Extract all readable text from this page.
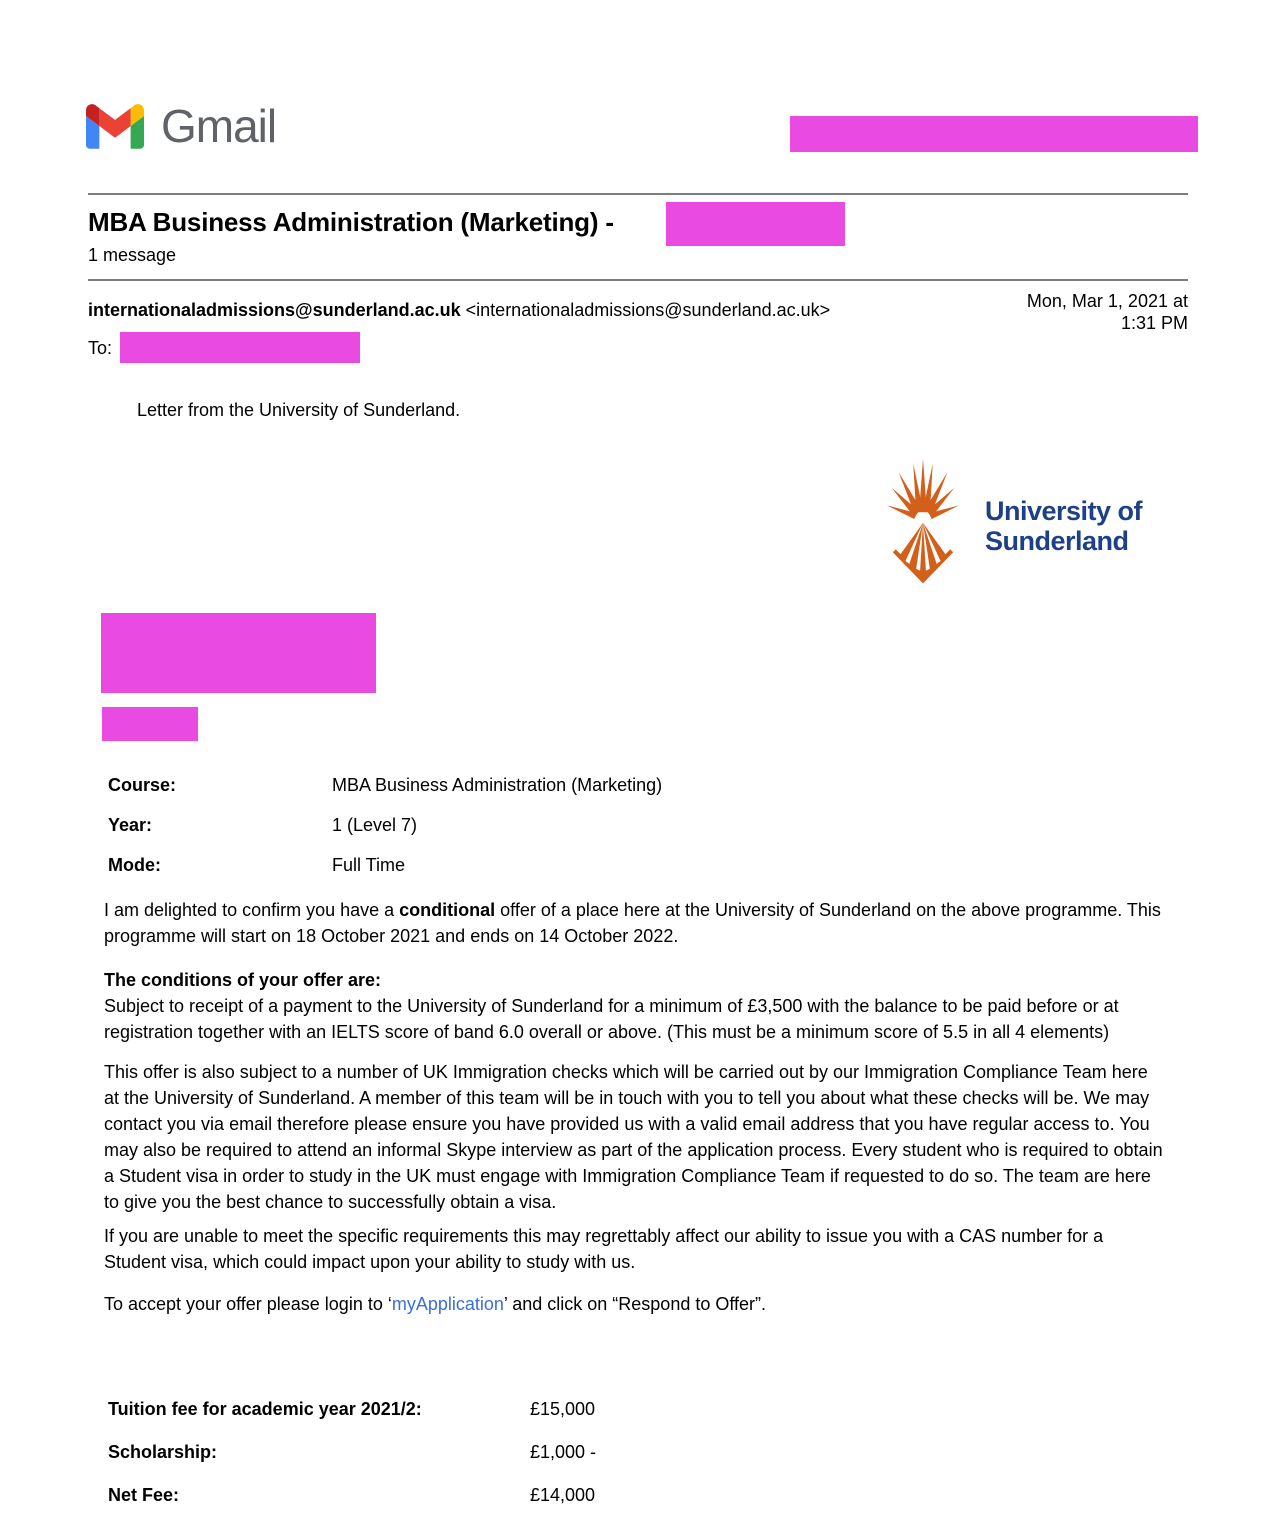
Gmail
MBA Business Administration (Marketing) -
1 message
internationaladmissions@sunderland.ac.uk <internationaladmissions@sunderland.ac.uk>	Mon, Mar 1, 2021 at
1:31 PM
To:
Letter from the University of Sunderland.
University of
Sunderland
Course:	MBA Business Administration (Marketing)
Year:	1 (Level 7)
Mode:	Full Time

I am delighted to confirm you have a conditional offer of a place here at the University of Sunderland on the above programme. This programme will start on 18 October 2021 and ends on 14 October 2022.

The conditions of your offer are:
Subject to receipt of a payment to the University of Sunderland for a minimum of £3,500 with the balance to be paid before or at registration together with an IELTS score of band 6.0 overall or above. (This must be a minimum score of 5.5 in all 4 elements)

This offer is also subject to a number of UK Immigration checks which will be carried out by our Immigration Compliance Team here at the University of Sunderland. A member of this team will be in touch with you to tell you about what these checks will be. We may contact you via email therefore please ensure you have provided us with a valid email address that you have regular access to. You may also be required to attend an informal Skype interview as part of the application process. Every student who is required to obtain a Student visa in order to study in the UK must engage with Immigration Compliance Team if requested to do so. The team are here to give you the best chance to successfully obtain a visa.

If you are unable to meet the specific requirements this may regrettably affect our ability to issue you with a CAS number for a Student visa, which could impact upon your ability to study with us.

To accept your offer please login to ‘myApplication’ and click on “Respond to Offer”.

Tuition fee for academic year 2021/2:	£15,000
Scholarship:	£1,000 -
Net Fee:	£14,000
